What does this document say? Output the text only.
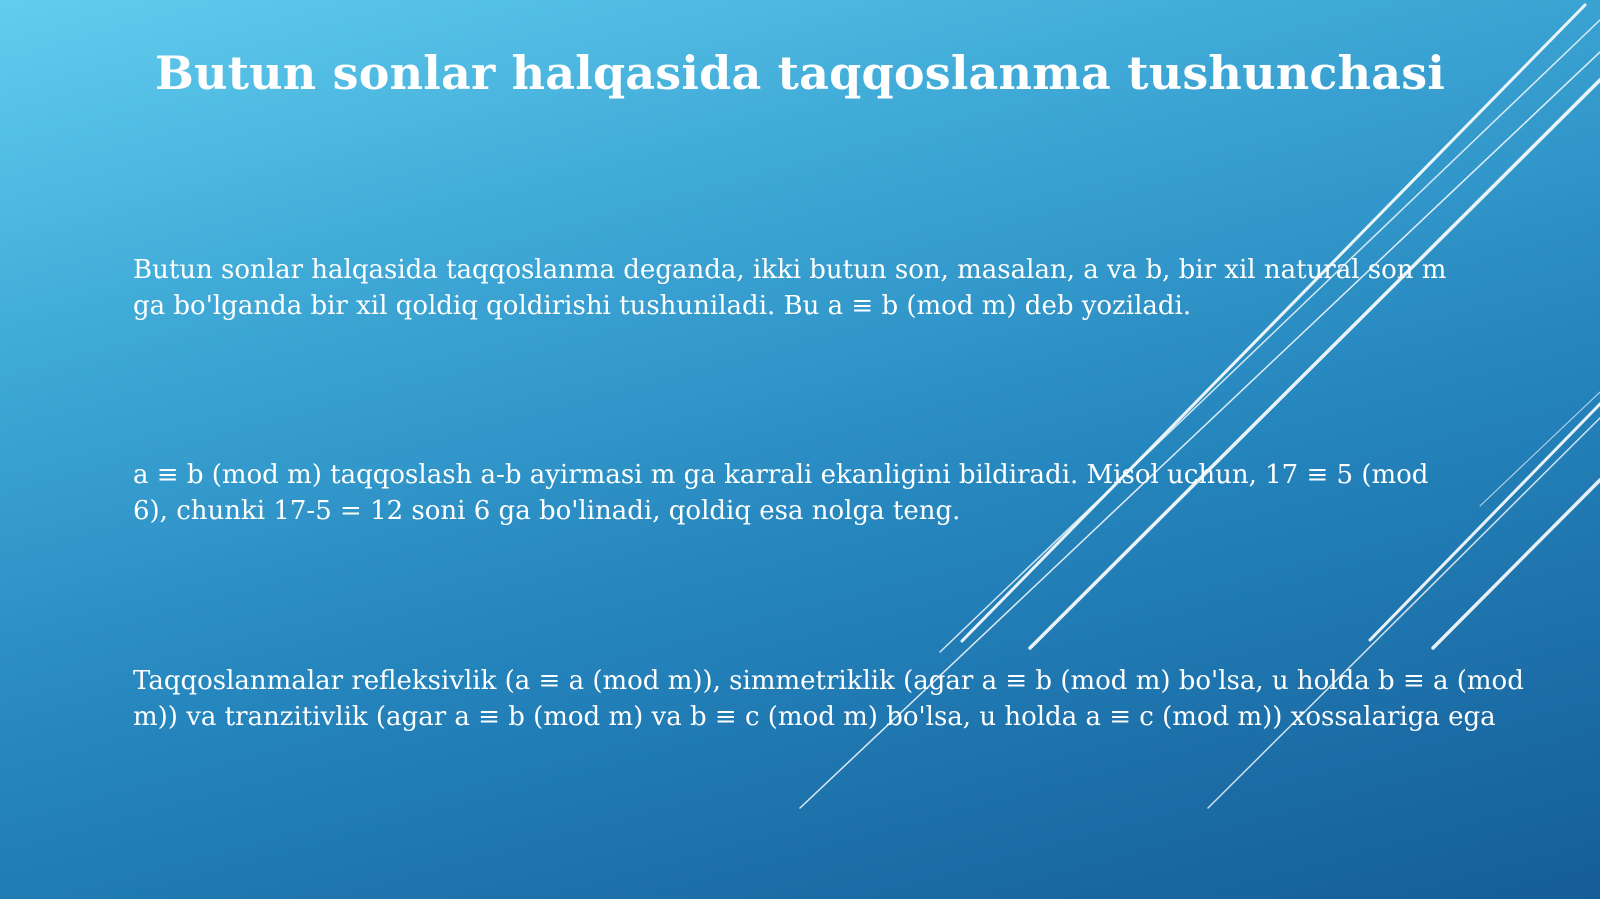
Butun sonlar halqasida taqqoslanma tushunchasi

Butun sonlar halqasida taqqoslanma deganda, ikki butun son, masalan, a va b, bir xil natural son m ga bo'lganda bir xil qoldiq qoldirishi tushuniladi. Bu a ≡ b (mod m) deb yoziladi.

a ≡ b (mod m) taqqoslash a-b ayirmasi m ga karrali ekanligini bildiradi. Misol uchun, 17 ≡ 5 (mod 6), chunki 17-5 = 12 soni 6 ga bo'linadi, qoldiq esa nolga teng.

Taqqoslanmalar refleksivlik (a ≡ a (mod m)), simmetriklik (agar a ≡ b (mod m) bo'lsa, u holda b ≡ a (mod m)) va tranzitivlik (agar a ≡ b (mod m) va b ≡ c (mod m) bo'lsa, u holda a ≡ c (mod m)) xossalariga ega
